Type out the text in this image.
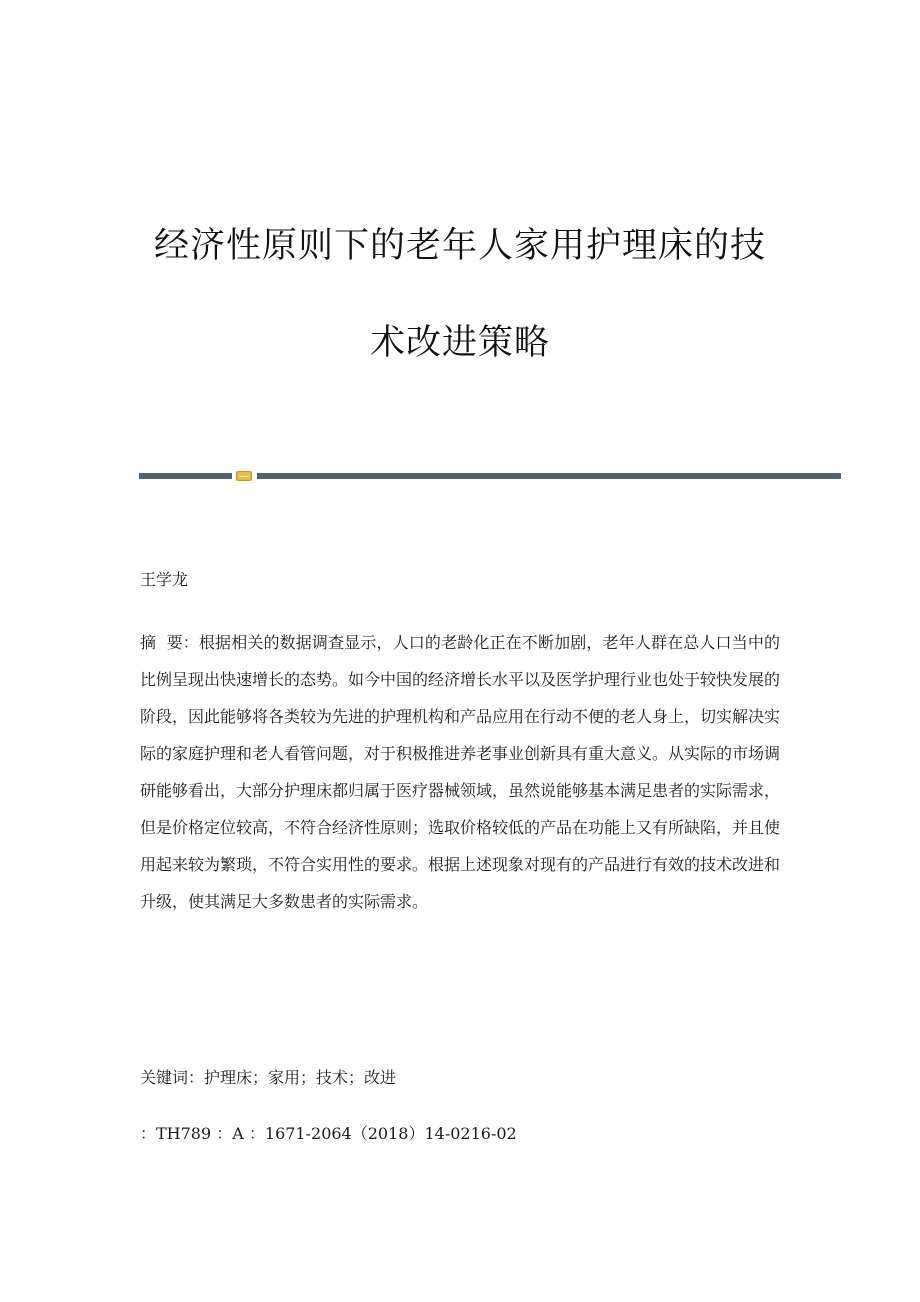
经济性原则下的老年人家用护理床的技
术改进策略
王学龙
摘  要：根据相关的数据调查显示，人口的老龄化正在不断加剧，老年人群在总人口当中的比例呈现出快速增长的态势。如今中国的经济增长水平以及医学护理行业也处于较快发展的阶段，因此能够将各类较为先进的护理机构和产品应用在行动不便的老人身上，切实解决实际的家庭护理和老人看管问题，对于积极推进养老事业创新具有重大意义。从实际的市场调研能够看出，大部分护理床都归属于医疗器械领域，虽然说能够基本满足患者的实际需求，但是价格定位较高，不符合经济性原则；选取价格较低的产品在功能上又有所缺陷，并且使用起来较为繁琐，不符合实用性的要求。根据上述现象对现有的产品进行有效的技术改进和升级，使其满足大多数患者的实际需求。
关键词：护理床；家用；技术；改进
：TH789 ：A ：1671-2064（2018）14-0216-02
